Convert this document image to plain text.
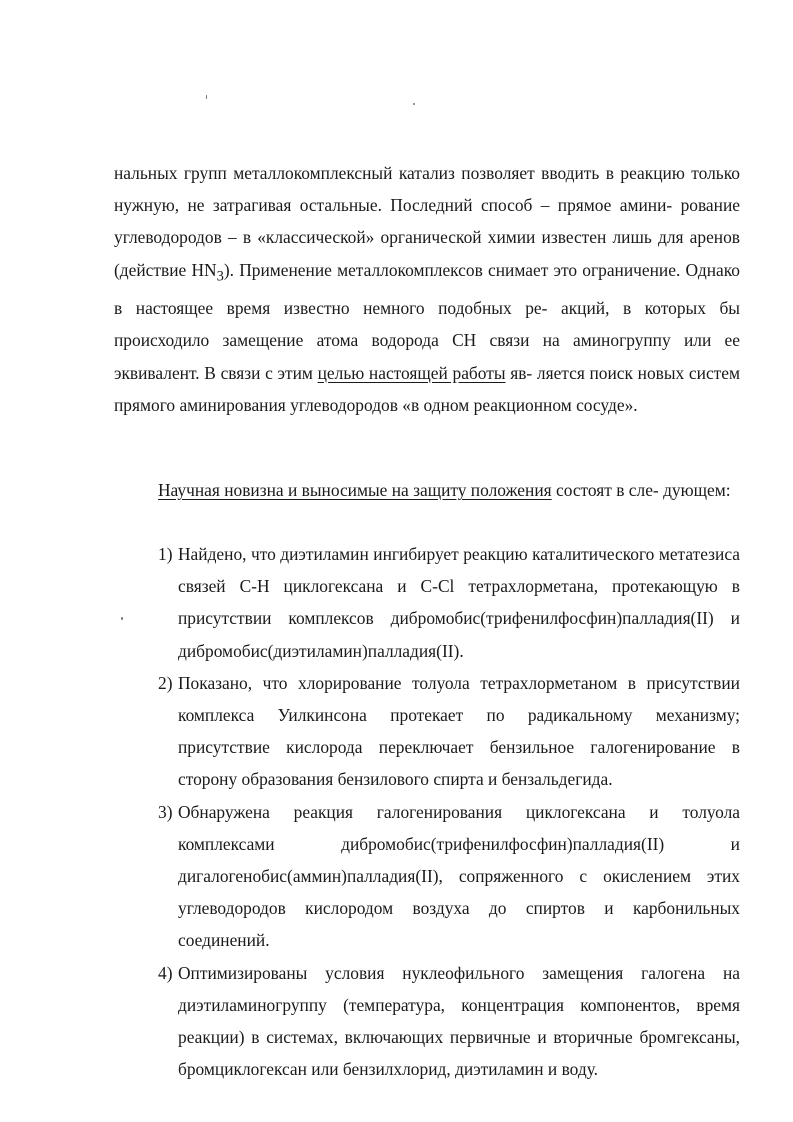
нальных групп металлокомплексный катализ позволяет вводить в реакцию только нужную, не затрагивая остальные. Последний способ – прямое амини- рование углеводородов – в «классической» органической химии известен лишь для аренов (действие $HN_3$). Применение металлокомплексов снимает это ограничение. Однако в настоящее время известно немного подобных ре- акций, в которых бы происходило замещение атома водорода CH связи на аминогруппу или ее эквивалент. В связи с этим целью настоящей работы яв- ляется поиск новых систем прямого аминирования углеводородов «в одном реакционном сосуде».
Научная новизна и выносимые на защиту положения состоят в сле- дующем:
1) Найдено, что диэтиламин ингибирует реакцию каталитического метатезиса связей C-H циклогексана и C-Cl тетрахлорметана, протекающую в присутствии комплексов дибромобис(трифенилфосфин)палладия(II) и дибромобис(диэтиламин)палладия(II).
2) Показано, что хлорирование толуола тетрахлорметаном в присутствии комплекса Уилкинсона протекает по радикальному механизму; присутствие кислорода переключает бензильное галогенирование в сторону образования бензилового спирта и бензальдегида.
3) Обнаружена реакция галогенирования циклогексана и толуола комплексами дибромобис(трифенилфосфин)палладия(II) и дигалогенобис(аммин)палладия(II), сопряженного с окислением этих углеводородов кислородом воздуха до спиртов и карбонильных соединений.
4) Оптимизированы условия нуклеофильного замещения галогена на диэтиламиногруппу (температура, концентрация компонентов, время реакции) в системах, включающих первичные и вторичные бромгексаны, бромциклогексан или бензилхлорид, диэтиламин и воду.
